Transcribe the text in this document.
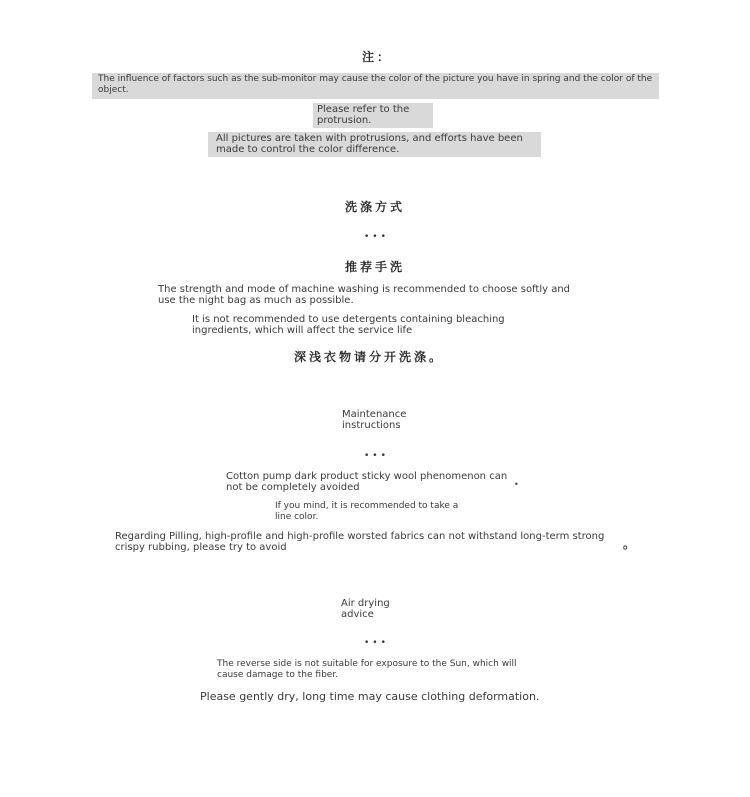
注：
The influence of factors such as the sub-monitor may cause the color of the picture you have in spring and the color of the object.
Please refer to the protrusion.
All pictures are taken with protrusions, and efforts have been made to control the color difference.
洗涤方式
•••
推荐手洗
The strength and mode of machine washing is recommended to choose softly and use the night bag as much as possible.
It is not recommended to use detergents containing bleaching ingredients, which will affect the service life
深浅衣物请分开洗涤。
Maintenance instructions
•••
Cotton pump dark product sticky wool phenomenon can not be completely avoided	•
If you mind, it is recommended to take a line color.
Regarding Pilling, high-profile and high-profile worsted fabrics can not withstand long-term strong crispy rubbing, please try to avoid	。
Air drying advice
•••
The reverse side is not suitable for exposure to the Sun, which will cause damage to the fiber.
Please gently dry, long time may cause clothing deformation.
